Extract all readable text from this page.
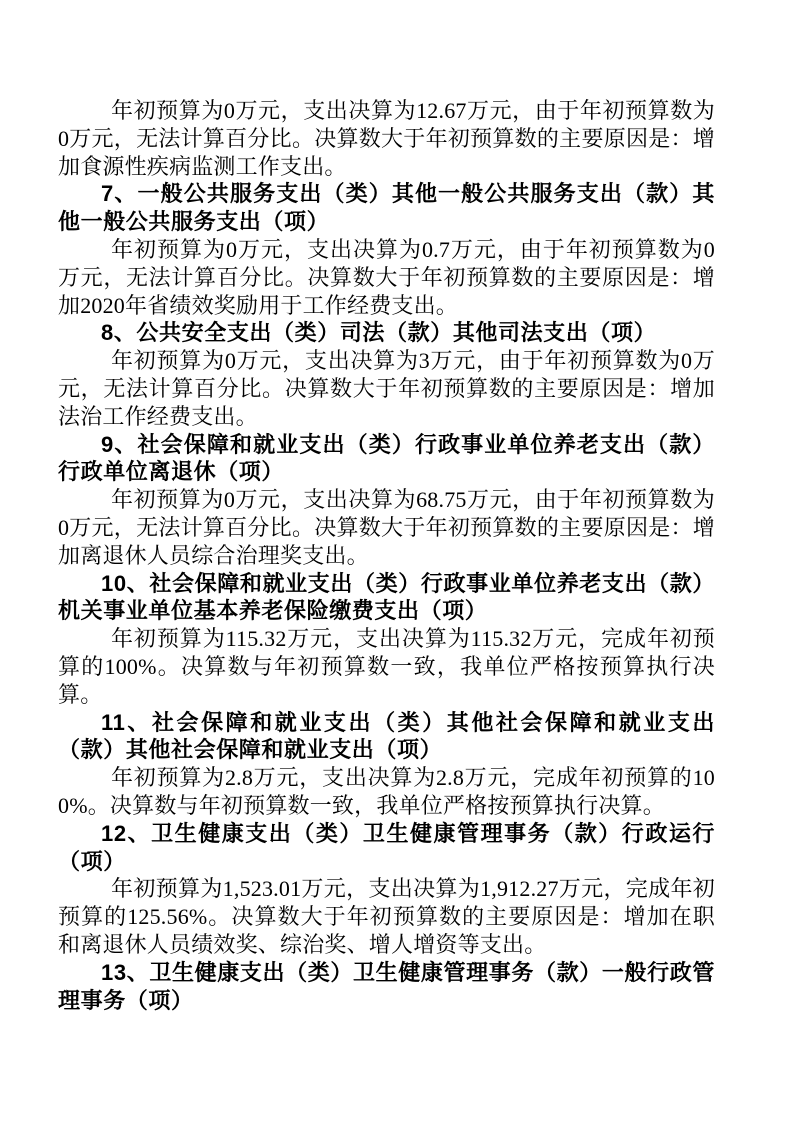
年初预算为0万元，支出决算为12.67万元，由于年初预算数为0万元，无法计算百分比。决算数大于年初预算数的主要原因是：增加食源性疾病监测工作支出。

7、一般公共服务支出（类）其他一般公共服务支出（款）其他一般公共服务支出（项）

年初预算为0万元，支出决算为0.7万元，由于年初预算数为0万元，无法计算百分比。决算数大于年初预算数的主要原因是：增加2020年省绩效奖励用于工作经费支出。

8、公共安全支出（类）司法（款）其他司法支出（项）

年初预算为0万元，支出决算为3万元，由于年初预算数为0万元，无法计算百分比。决算数大于年初预算数的主要原因是：增加法治工作经费支出。

9、社会保障和就业支出（类）行政事业单位养老支出（款）行政单位离退休（项）

年初预算为0万元，支出决算为68.75万元，由于年初预算数为0万元，无法计算百分比。决算数大于年初预算数的主要原因是：增加离退休人员综合治理奖支出。

10、社会保障和就业支出（类）行政事业单位养老支出（款）机关事业单位基本养老保险缴费支出（项）

年初预算为115.32万元，支出决算为115.32万元，完成年初预算的100%。决算数与年初预算数一致，我单位严格按预算执行决算。

11、社会保障和就业支出（类）其他社会保障和就业支出（款）其他社会保障和就业支出（项）

年初预算为2.8万元，支出决算为2.8万元，完成年初预算的100%。决算数与年初预算数一致，我单位严格按预算执行决算。

12、卫生健康支出（类）卫生健康管理事务（款）行政运行（项）

年初预算为1,523.01万元，支出决算为1,912.27万元，完成年初预算的125.56%。决算数大于年初预算数的主要原因是：增加在职和离退休人员绩效奖、综治奖、增人增资等支出。

13、卫生健康支出（类）卫生健康管理事务（款）一般行政管理事务（项）
